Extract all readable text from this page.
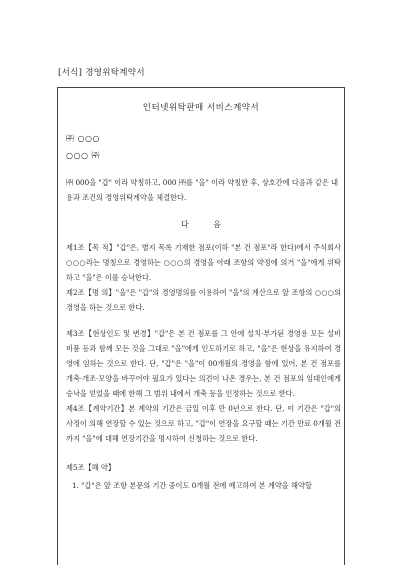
[서식] 경영위탁계약서
인터넷위탁판매 서비스계약서
㈜ ○○○
○○○ ㈜
㈜ 000을 "갑" 이라 약칭하고, 000 ㈜를 "을" 이라 약칭한 후, 상호간에 다음과 같은 내용과 조건의 경영위탁계약을 체결한다.
다 음

제1조【목 적】"갑"은, 별지 목록 기재한 점포(이하 "본 건 점포"라 한다)에서 주식회사 ○○○라는 명칭으로 경영하는 ○○○의 경영을 아래 조항의 약정에 의거 "을"에게 위탁하고 "을"은 이를 승낙한다.

제2조【명 의】"을"은 "갑"의 경영명의를 이용하여 "을"의 계산으로 앞 조항의 ○○○의 경영을 하는 것으로 한다.

제3조【현상인도 및 변경】"갑"은 본 건 점포를 그 안에 설치·부가된 경영용 모든 설비비품 등과 함께 모든 것을 그대로 "을"에게 인도하기로 하고, "을"은 현상을 유지하여 경영에 임하는 것으로 한다. 단, "갑"은 "을"이 00개월의 경영을 함에 있어, 본 건 점포를 개축·개조·모양을 바꾸어야 필요가 있다는 의견이 나온 경우는, 본 건 점포의 임대인에게 승낙을 얻었을 때에 한해 그 범위 내에서 개축 등을 인정하는 것으로 한다.

제4조【계약기간】본 계약의 기간은 금일 이후 만 0년으로 한다. 단, 이 기간은 "갑"의 사정이 의해 연장할 수 있는 것으로 하고, "갑"이 연장을 요구할 때는 기간 만료 0개월 전까지 "을"에 대해 연장기간을 명시하여 신청하는 것으로 한다.

제5조【해 약】

1. "갑"은 앞 조항 본문의 기간 중이도 0개월 전에 예고하여 본 계약을 해약할
